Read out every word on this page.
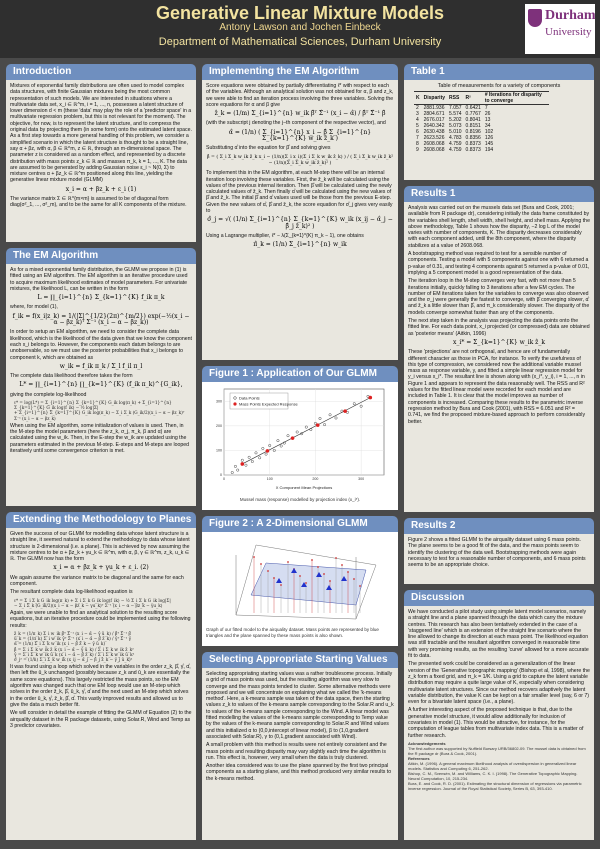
Generative Linear Mixture Models
Antony Lawson and Jochen Einbeck
Department of Mathematical Sciences, Durham University
Durham
University
Introduction

Mixtures of exponential family distributions are often used to model complex data structures, with finite Gaussian mixtures being the most common representation of such models. We are interested in situations where a multivariate data set, x_i ∈ ℝ^m, i = 1, ..., n, possesses a latent structure of lower dimension d < m (these 'data' may play the role of a 'predictor space' in a multivariate regression problem, but this is not relevant for the moment). The objective, for now, is to represent the latent structure, and to compress the original data by projecting them (in some form) onto the estimated latent space. As a first step towards a more general handling of this problem, we consider a simplified scenario in which the latent structure is thought to be a straight line, say α + βz, with α, β ∈ ℝ^m, z ∈ ℝ, through an m-dimensional space. The parameter z is considered as a random effect, and represented by a discrete distribution with mass points z_k ∈ ℝ and masses π_k, k = 1, ..., K. The data are assumed to be generated by adding Gaussian noise ε_i ~ N(0, Σ) to mixture centres α + βz_k ∈ ℝ^m positioned along this line, yielding the generative linear mixture model (GLMM)

x_i = α + βz_k + ε_i (1)

The variance matrix Σ ∈ ℝ^{m×m} is assumed to be of diagonal form diag(σ²_1, ..., σ²_m), and to be the same for all K components of the mixture.

The EM Algorithm

As for a mixed exponential family distribution, the GLMM we propose in (1) is fitted using an EM algorithm. The EM algorithm is an iterative procedure used to acquire maximum likelihood estimates of model parameters. For univariate mixtures, the likelihood L, can be written in the form

L = ∏_{i=1}^{n} Σ_{k=1}^{K} f_ik π_k

where, for model (1),

f_ik = f(x_i|z_k) = 1/(|Σ|^{1/2}(2π)^{m/2}) exp(−½(x_i − α − βz_k)ᵀ Σ⁻¹ (x_i − α − βz_k))

In order to setup an EM algorithm, we need to consider the complete data likelihood, which is the likelihood of the data given that we know the component each x_i belongs to. However, the components each datum belongs to are unobservable, so we must use the posterior probabilities that x_i belongs to component k, which are obtained as

w_ik = f_ik π_k / Σ_l f_il π_l

The complete data likelihood therefore takes the form

L* = ∏_{i=1}^{n} ∏_{k=1}^{K} (f_ik π_k)^{G_ik},

giving the complete log-likelihood

ℓ* = log(L*) = Σ_{i=1}^{n} Σ_{k=1}^{K} G_ik log(π_k) + Σ_{i=1}^{n} Σ_{k=1}^{K} G_ik log(f_ik) − ½ log|Σ|
+ Σ_{i=1}^{n} Σ_{k=1}^{K} G_ik log(π_k) − Σ_i Σ_k (G_ik/2)(x_i − α − βz_k)ᵀ Σ⁻¹ (x_i − α − βz_k)

When using the EM algorithm, some initialization of values is used. Then, in the M-step the model parameters (here the z_k, σ_j, π_k, β and α) are calculated using the w_ik. Then, in the E-step the w_ik are updated using the parameters estimated in the previous M-step. E-steps and M-steps are looped iteratively until some convergence criterion is met.

Extending the Methodology to Planes

Given the success of our GLMM for modelling data whose latent structure is a straight line, it seemed natural to extend the methodology to data whose latent structure is 2-dimensional (i.e. a plane). This is achieved by now assuming the mixture centres to be α + βz_k + γu_k ∈ ℝ^m, with α, β, γ ∈ ℝ^m, z_k, u_k ∈ ℝ. The GLMM now has the form

x_i = α + βz_k + γu_k + ε_i. (2)

We again assume the variance matrix to be diagonal and the same for each component.

The resultant complete data log-likelihood equation is

ℓ* = Σ_i Σ_k G_ik log(π_k) + Σ_i Σ_k G_ik log(f_ik) − ½ Σ_i Σ_k G_ik log|Σ|
− Σ_i Σ_k (G_ik/2)(x_i − α − βz_k − γu_k)ᵀ Σ⁻¹ (x_i − α − βz_k − γu_k)

Again, we were unable to find an analytical solution to the resulting score equations, but an iterative procedure could be implemented using the following results:

ẑ_k = (1/π_k) Σ_i w_ik β̂ᵀ Σ̂⁻¹ (x_i − α̂ − γ̂ û_k) / β̂ᵀ Σ̂⁻¹ β̂
û_k = (1/π_k) Σ_i w_ik γ̂ᵀ Σ̂⁻¹ (x_i − α̂ − β̂ ẑ_k) / γ̂ᵀ Σ̂⁻¹ γ̂
α̂ = (1/n) Σ_i Σ_k w_ik (x_i − β̂ ẑ_k − γ̂ û_k)
β̂ = Σ_i Σ_k w_ik ẑ_k (x_i − α̂ − γ̂ û_k) / Σ_i Σ_k w_ik ẑ_k²
γ̂ = Σ_i Σ_k w_ik û_k (x_i − α̂ − β̂ ẑ_k) / Σ_i Σ_k w_ik û_k²
σ̂_j² = (1/n) Σ_i Σ_k w_ik (x_ij − α̂_j − β̂_j ẑ_k − γ̂_j û_k)²

It was found using a loop which solved in the variables in the order z_k, β̂, γ̂, α̂, then left the û_k unchanged (possibly because z_k and û_k are essentially the same score equations). This largely restricted the mass points, so the EM algorithm was changed such that one EM loop would use an M-step which solves in the order ẑ_k, β̂, û_k, γ̂, α̂ and the next used an M-step which solves in the order û_k, γ̂, ẑ_k, β̂, α̂. This vastly improved results and allowed us to give the data a much better fit.

We will consider in detail the example of fitting the GLMM of Equation (2) to the airquality dataset in the R package datasets, using Solar.R, Wind and Temp as 3 predictor covariates.

Implementing the EM Algorithm

Score equations were obtained by partially differentiating ℓ* with respect to each of the variables. Although an analytical solution was not obtained for α, β and z_k, we were able to find an iteration process involving the three variables. Solving the score equations for α and β give

ẑ_k = (1/m) Σ_{i=1}^{n} w_ik β̂ᵀ Σ̂⁻¹ (x_i − α̂) / β̂ᵀ Σ̂⁻¹ β̂

(with the subscript j denoting the j−th component of the respective vector), and

α̂ = (1/n) ( Σ_{i=1}^{n} x_i − β̂ Σ_{i=1}^{n} Σ_{k=1}^{K} w_ik ẑ_k )

Substituting α̂ into the equation for β̂ and solving gives

β̂ = ( Σ_i Σ_k w_ik ẑ_k x_i − (1/n)(Σ_i x_i)(Σ_i Σ_k w_ik ẑ_k) ) / ( Σ_i Σ_k w_ik ẑ_k² − (1/n)(Σ_i Σ_k w_ik ẑ_k)² )

To implement this in the EM algorithm, at each M-step there will be an internal iteration loop involving these variables. First, the ẑ_k will be calculated using the values of the previous internal iteration. Then β̂ will be calculated using the newly calculated values of ẑ_k. Then finally α̂ will be calculated using the new values of β̂ and ẑ_k. The initial β̂ and α̂ values used will be those from the previous E-step. Given the new values of α̂, β̂ and ẑ_k, the score equation for σ̂_j gives very easily to

σ̂_j = √( (1/n) Σ_{i=1}^{n} Σ_{k=1}^{K} w_ik (x_ij − α̂_j − β̂_j ẑ_k)² )

Using a Lagrange multiplier, ℓ* − λ(Σ_{k=1}^{K} π_k − 1), one obtains

π̂_k = (1/n) Σ_{i=1}^{n} w_ik
Figure 1 : Application of Our GLMM
0	100	200	300
0
100
200
300
Data Points
Mass Points Expected Response
X Component Mean Projections
Mussel mass (response) modelled by projection index (x_i*).
Figure 2 : A 2-Dimensional GLMM
Graph of our fitted model to the airquality dataset. Mass points are represented by blue triangles and the plane spanned by these mass points is also shown.
Selecting Appropriate Starting Values

Selecting appropriating starting values was a rather troublesome process. Initially a grid of mass points was used, but the resulting algorithm was very slow to converge and the mass points tended to cluster. Some alternative methods were proposed and we will concentrate on explaining what we called the 'k-means method'. Here, a k-means sample was taken of the data space, then the starting values z_k to values of the k-means sample corresponding to the Solar.R and u_k to values of the k-means sample corresponding to the Wind. A linear model was fitted modelling the values of the k-means sample corresponding to Temp value by the values of the k-means sample corresponding to Solar.R and Wind values and this initialized α to (0,0,intercept of linear model), β to (1,0,gradient associated with Solar.R), γ to (0,1,gradient associated with Wind).

A small problem with this method is results were not entirely consistent and the mass points and resulting disparity may vary slightly each time the algorithm is run. This effect is, however, very small when the data is truly clustered.

Another idea considered was to use the plane spanned by the first two principal components as a starting plane, and this method produced very similar results to the k-means method.

Table 1
Table of measurements for a variety of components
K	Disparity	RSS	R²	# Iterations for disparity to converge
2	2881.936	7.057	0.6421	7
3	2804.671	5.574	0.7767	26
4	2676.017	5.202	0.8041	13
5	2640.342	5.073	0.8151	34
6	2630.438	5.010	0.8196	102
7	2623.526	4.783	0.8356	126
8	2608.068	4.759	0.8373	145
9	2608.068	4.759	0.8373	194
Results 1

Analysis was carried out on the mussels data set (Bura and Cook, 2001; available from R package dr), considering initially the data frame constituted by the variables shell length, shell width, shell height, and shell mass. Applying the above methodology, Table 1 shows how the disparity, −2 log L of the model varies with number of components, K. The disparity decreases considerably with each component added, until the 8th component, where the disparity stabilizes at a value of 2608.068.

A bootstrapping method was required to test for a sensible number of components. Testing a model with 5 components against one with 6 returned a p-value of 0.31, and testing 4 components against 5 returned a p-value of 0.01, implying a 5 component model is a good representation of the data.

The iteration loop in the M-step converges very fast, with not more than 5 iterations initially, quickly falling to 3 iterations after a few EM cycles. The number of EM iterations taken for the variables to converge was also observed and the σ_j were generally the fastest to converge, with β̂ converging slower, α̂ and ẑ_k a little slower than β̂, and π_k considerably slower. The disparity of the models converge somewhat faster than any of the components.

The next step taken in the analysis was projecting the data points onto the fitted line. For each data point, x_i projected (or compressed) data are obtained as 'posterior means' (Aitkin, 1996)

x_i* = Σ_{k=1}^{K} w_ik ẑ_k

These 'projections' are not orthogonal, and hence are of fundamentally different character as those in PCA, for instance. To verify the usefulness of this type of compression, we considered now the additional variable mussel mass as response variable, y, and fitted a simple linear regression model for y_i versus x_i*. The resultant line is shown along with (x_i*, y_i), i = 1, ..., n in Figure 1 and appears to represent the data reasonably well. The RSS and R² values for the fitted linear model were recorded for each model and are included in Table 1. It is clear that the model improves as number of components is increased. Comparing these results to the parametric inverse regression method by Bura and Cook (2001), with RSS = 6.051 and R² = 0.741, we find the proposed mixture-based approach to perform considerably better.

Results 2

Figure 2 shows a fitted GLMM to the airquality dataset using 6 mass points. The plane seems to be a good fit of the data, and the mass points seem to identify the clustering of the data well. Bootstrapping methods were again necessary to test for a reasonable number of components, and 6 mass points seems to be an appropriate choice.

Discussion

We have conducted a pilot study using simple latent model scenarios, namely a straight line and a plane spanned through the data which carry the mixture centres. This research has also been tentatively extended in the case of a 'staggered line' which is an extension of the straight line scenario where the line allowed to change its direction at each mass point. The likelihood equation was still tractable and the resultant algorithm converged in reasonable time with very promising results, as the resulting 'curve' allowed for a more accurate fit to data.

The presented work could be considered as a generalization of the linear version of the 'Generative topographic mapping' (Bishop et al, 1998), where the z_k form a fixed grid, and π_k = 1/K. Using a grid to capture the latent variable distribution may require a quite large value of K, especially when considering multivariate latent structures. Since our method recovers adaptively the latent variable distribution, the value K can be kept on a fair smaller level (say, 6 or 7) even for a bivariate latent space (i.e., a plane).

A further interesting aspect of the proposed technique is that, due to the generative model structure, it would allow additionally for inclusion of covariates in model (1). This would be attractive, for instance, for the computation of league tables from multivariate index data. This is a matter of further research.

Acknowledgements
The first author was supported by Nuffield Bursary URB/36802-09. The mussel data is obtained from the R package dr (Bura & Cook, 2001).
References
Aitkin, M. (1996). A general maximum likelihood analysis of overdispersion in generalized linear models. Statistics and Computing 6, 251-262.
Bishop, C. M., Svensén, M. and Williams, C. K. I. (1998). The Generative Topographic Mapping. Neural Computation, 10, 215-234.
Bura, E. and Cook, R. D. (2001). Estimating the structural dimension of regressions via parametric inverse regression. Journal of the Royal Statistical Society, Series B, 63, 393-410.
